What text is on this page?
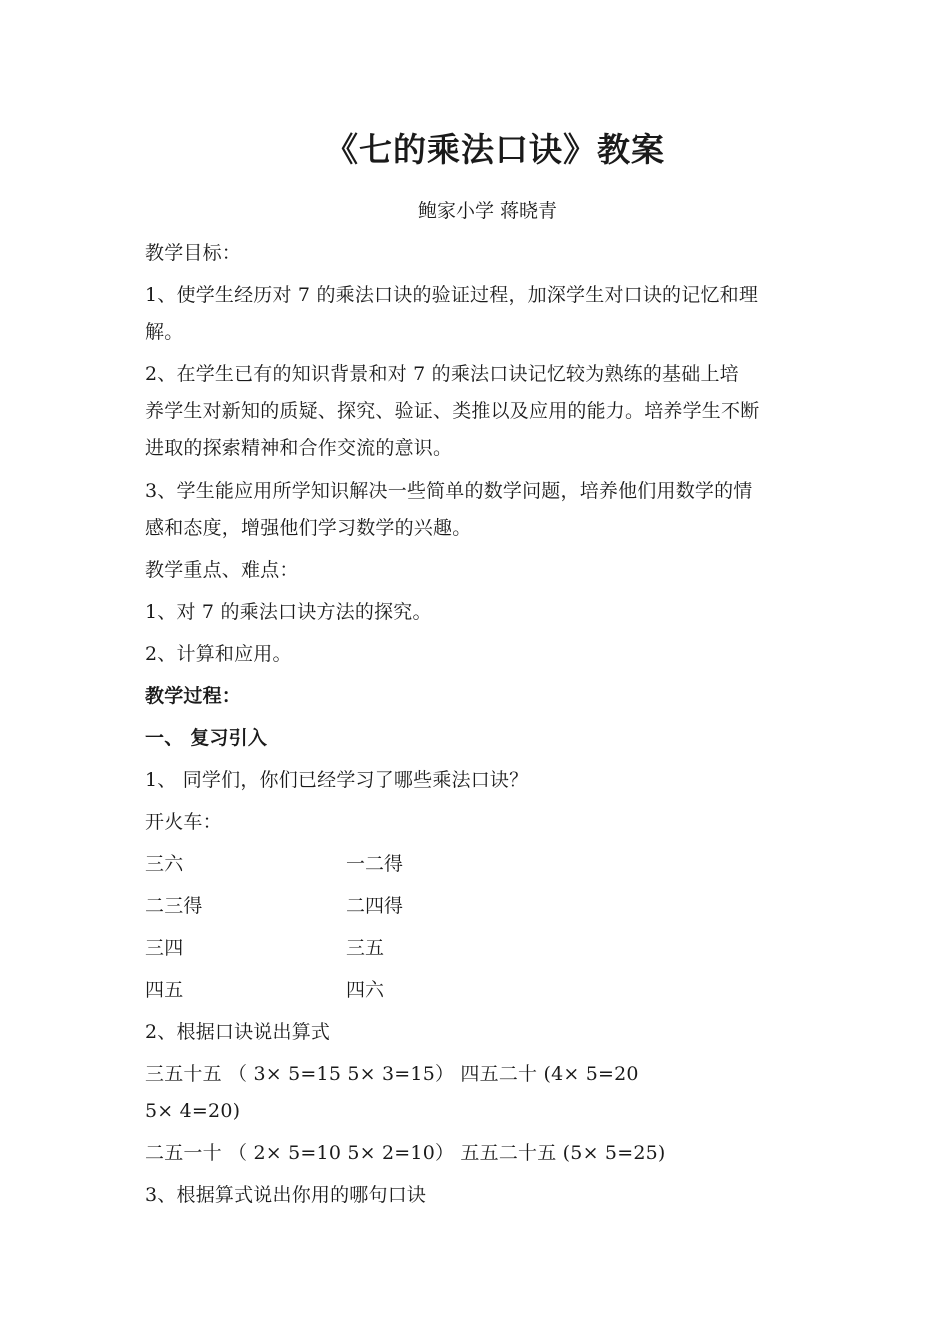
《七的乘法口诀》教案
鲍家小学 蒋晓青
教学目标：
1、使学生经历对 7 的乘法口诀的验证过程，加深学生对口诀的记忆和理
解。
2、在学生已有的知识背景和对 7 的乘法口诀记忆较为熟练的基础上培
养学生对新知的质疑、探究、验证、类推以及应用的能力。培养学生不断
进取的探索精神和合作交流的意识。
3、学生能应用所学知识解决一些简单的数学问题，培养他们用数学的情
感和态度，增强他们学习数学的兴趣。
教学重点、难点：
1、对 7 的乘法口诀方法的探究。
2、计算和应用。
教学过程：
一、 复习引入
1、 同学们，你们已经学习了哪些乘法口诀？
开火车：
三六	一二得
二三得	二四得
三四	三五
四五	四六
2、根据口诀说出算式
三五十五 （ 3× 5=15 5× 3=15） 四五二十 (4× 5=20
5× 4=20)
二五一十 （ 2× 5=10 5× 2=10） 五五二十五 (5× 5=25)
3、根据算式说出你用的哪句口诀
